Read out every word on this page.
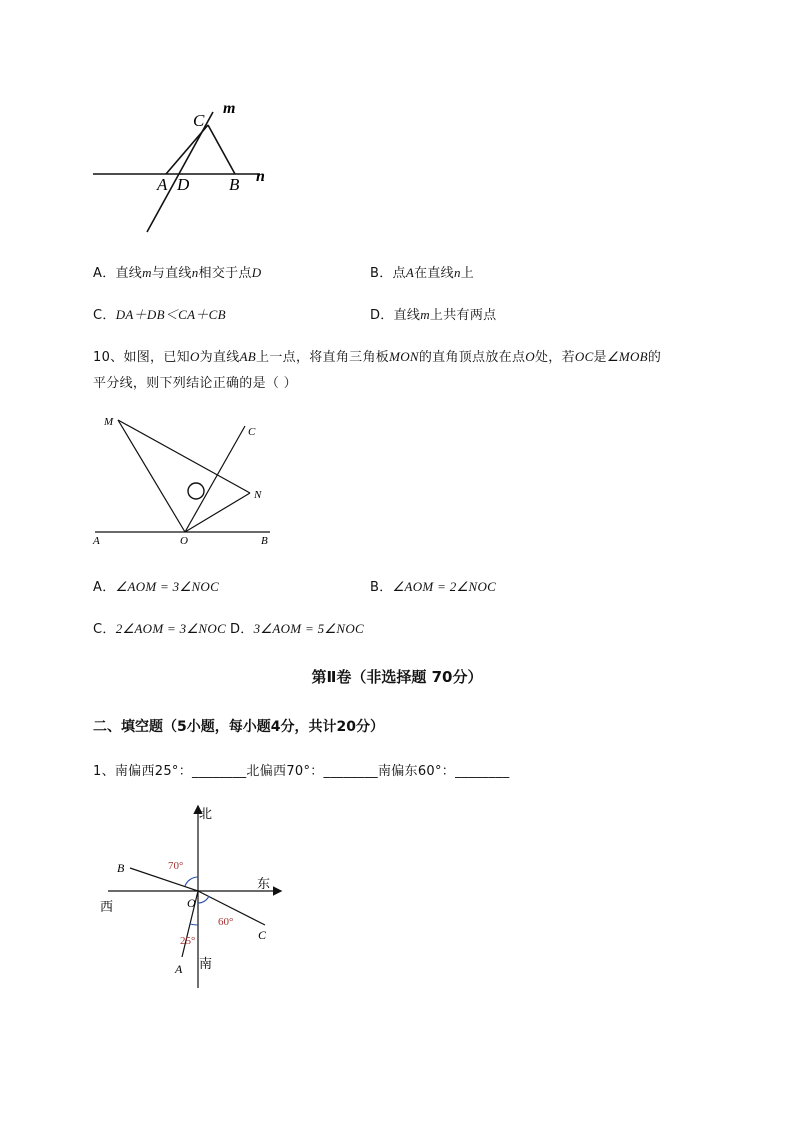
C
m
n
A D B
A．直线m与直线n相交于点D	B．点A在直线n上
C．DA＋DB＜CA＋CB	D．直线m上共有两点
10、如图，已知O为直线AB上一点，将直角三角板MON的直角顶点放在点O处，若OC是∠MOB的
平分线，则下列结论正确的是（ ）
M
C
N
A	O	B
A．∠AOM = 3∠NOC	B．∠AOM = 2∠NOC
C．2∠AOM = 3∠NOC D．3∠AOM = 5∠NOC
第Ⅱ卷（非选择题 70分）
二、填空题（5小题，每小题4分，共计20分）
1、南偏西25°：________北偏西70°：________南偏东60°：________
北
南
东
西	O
B
C
A
70°
60°
25°
